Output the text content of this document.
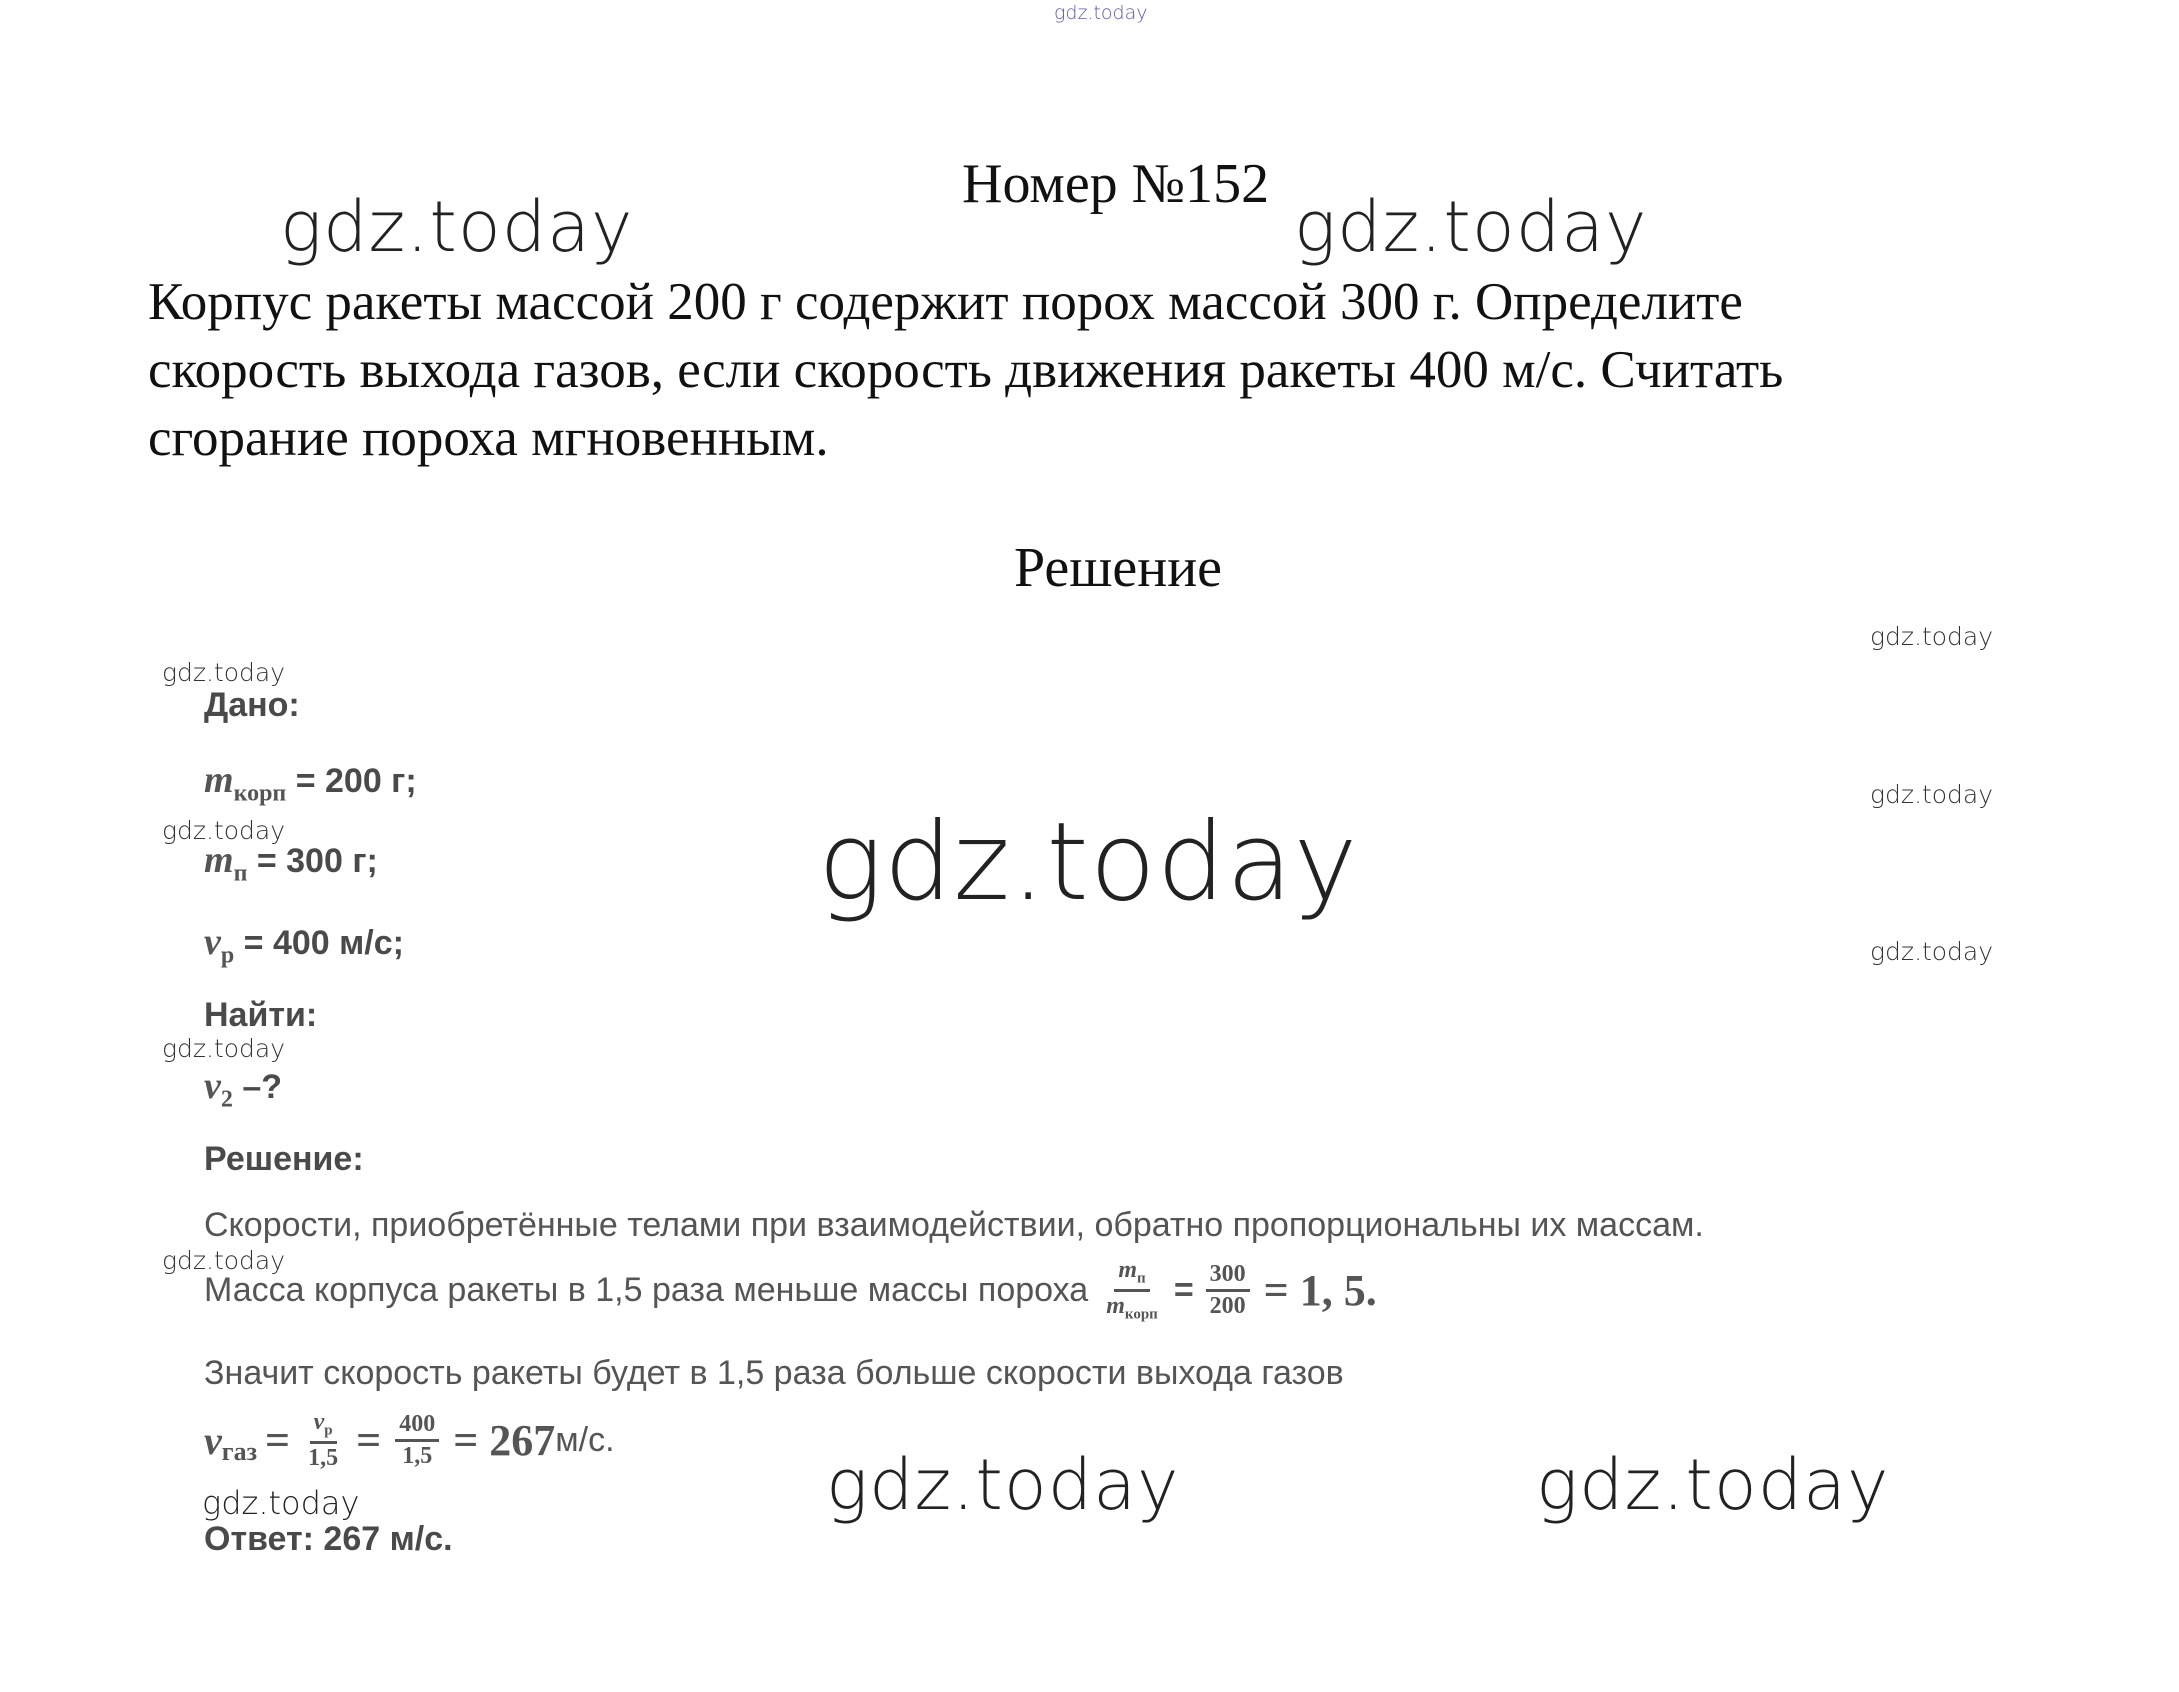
gdz.today
Номер №152
gdz.today	gdz.today
Корпус ракеты массой 200 г содержит порох массой 300 г. Определите
скорость выхода газов, если скорость движения ракеты 400 м/с. Считать
сгорание пороха мгновенным.
Решение
gdz.today
gdz.today
gdz.today
gdz.today
gdz.today
gdz.today
gdz.today
gdz.today
gdz.today
gdz.today	gdz.today
Дано:
$m_{корп} = 200$ г;
$m_п = 300$ г;
$v_р = 400$ м/с;
Найти:
$v_2$ –?
Решение:
Скорости, приобретённые телами при взаимодействии, обратно пропорциональны их массам.
Масса корпуса ракеты в 1,5 раза меньше массы пороха $\frac{m_п}{m_{корп}} = \frac{300}{200} = 1$, 5.
Значит скорость ракеты будет в 1,5 раза больше скорости выхода газов
v газ = $\frac{v_р}{1,5} = \frac{400}{1,5} = 267$ м/с.
Ответ: 267 м/с.
